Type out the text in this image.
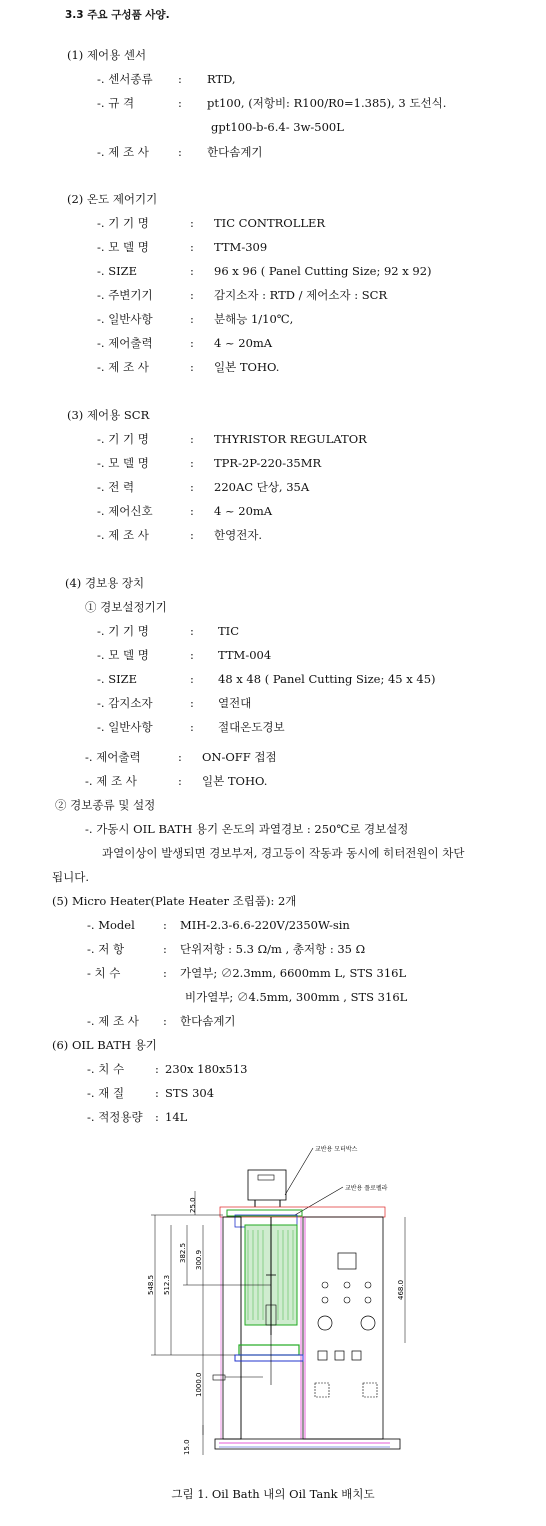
3.3 주요 구성품 사양.
(1) 제어용 센서
-. 센서종류 : RTD,
-. 규 격	: pt100, (저항비: R100/R0=1.385), 3 도선식.
gpt100-b-6.4- 3w-500L
-. 제 조 사	: 한다솜계기
(2) 온도 제어기기
-. 기 기 명	: TIC CONTROLLER
-. 모 델 명	: TTM-309
-. SIZE	: 96 x 96 ( Panel Cutting Size; 92 x 92)
-. 주변기기	: 감지소자 : RTD / 제어소자 : SCR
-. 일반사항	: 분해능 1/10℃,
-. 제어출력	: 4 ~ 20mA
-. 제 조 사	: 일본 TOHO.
(3) 제어용 SCR
-. 기 기 명	: THYRISTOR REGULATOR
-. 모 델 명	: TPR-2P-220-35MR
-. 전 력	: 220AC 단상, 35A
-. 제어신호	: 4 ~ 20mA
-. 제 조 사	: 한영전자.
(4) 경보용 장치
① 경보설정기기
-. 기 기 명	: TIC
-. 모 델 명	: TTM-004
-. SIZE	: 48 x 48 ( Panel Cutting Size; 45 x 45)
-. 감지소자	: 열전대
-. 일반사항	: 절대온도경보
-. 제어출력	: ON-OFF 접점
-. 제 조 사	: 일본 TOHO.
② 경보종류 및 설정
-. 가동시 OIL BATH 용기 온도의 과열경보 : 250℃로 경보설정
과열이상이 발생되면 경보부저, 경고등이 작동과 동시에 히터전원이 차단
됩니다.
(5) Micro Heater(Plate Heater 조립품): 2개
-. Model : MIH-2.3-6.6-220V/2350W-sin
-. 저 항	: 단위저항 : 5.3 Ω/m , 총저항 : 35 Ω
- 치 수	: 가열부; ∅2.3mm, 6600mm L, STS 316L
비가열부; ∅4.5mm, 300mm , STS 316L
-. 제 조 사 : 한다솜계기
(6) OIL BATH 용기
-. 치 수	: 230x 180x513
-. 재 질	: STS 304
-. 적정용량 : 14L
교반용 모터박스
교반용 플로펠라
25.0
548.5 512.3
382.5 300.9
1000.0
15.0
468.0
그림 1. Oil Bath 내의 Oil Tank 배치도
